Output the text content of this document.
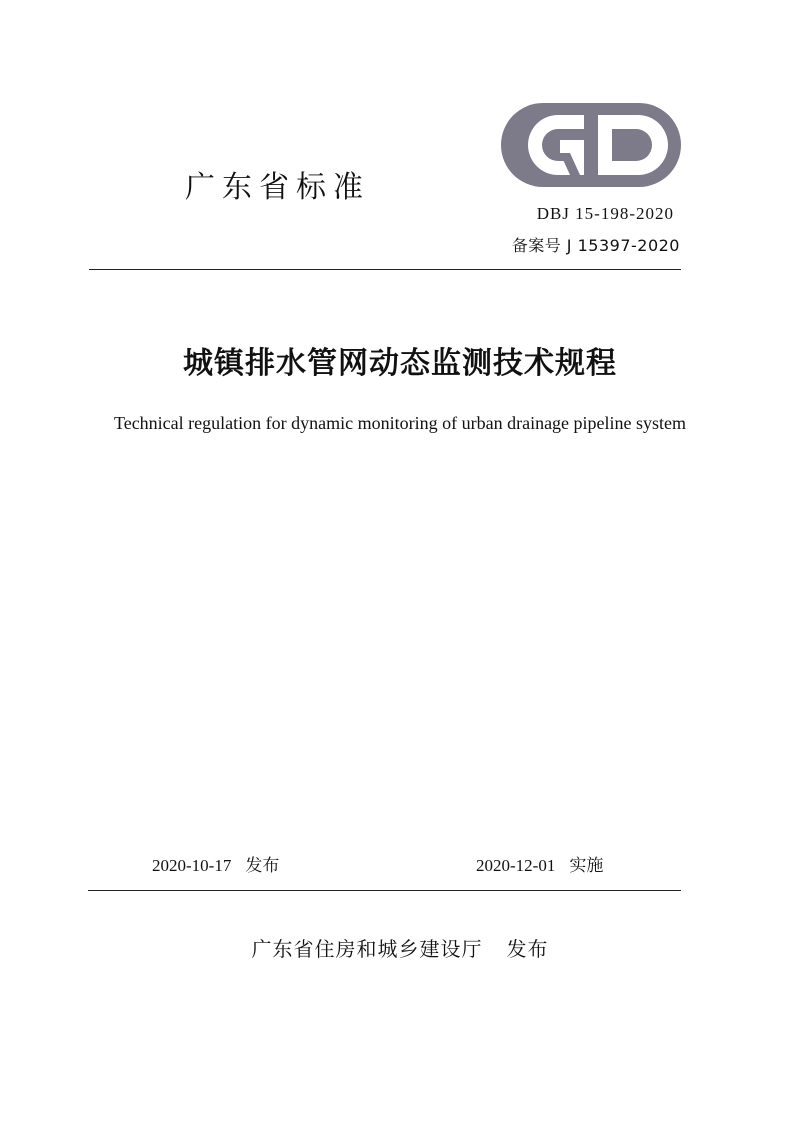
广东省标准
DBJ 15-198-2020
备案号 J 15397-2020
城镇排水管网动态监测技术规程
Technical regulation for dynamic monitoring of urban drainage pipeline system
2020-10-17 发布	2020-12-01 实施
广东省住房和城乡建设厅 发布
